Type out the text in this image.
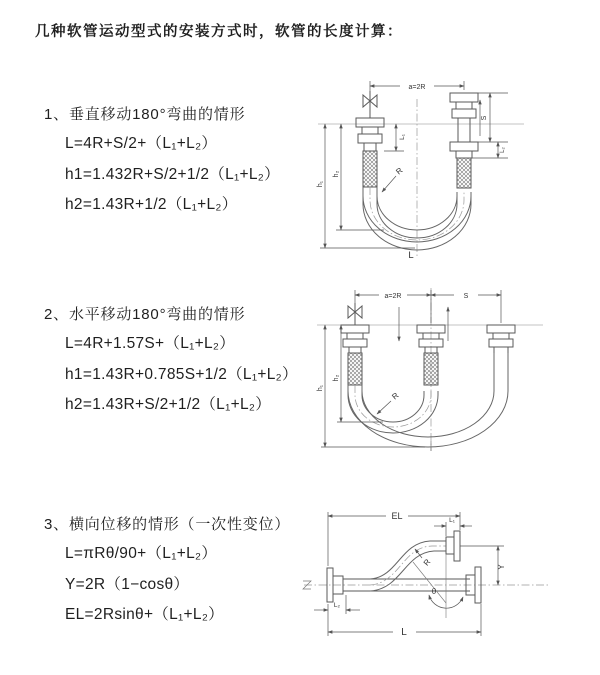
几种软管运动型式的安装方式时，软管的长度计算：
1、垂直移动180°弯曲的情形
L=4R+S/2+（L₁+L₂）
h1=1.432R+S/2+1/2（L₁+L₂）
h2=1.43R+1/2（L₁+L₂）
2、水平移动180°弯曲的情形
L=4R+1.57S+（L₁+L₂）
h1=1.43R+0.785S+1/2（L₁+L₂）
h2=1.43R+S/2+1/2（L₁+L₂）
3、横向位移的情形（一次性变位）
L=πRθ/90+（L₁+L₂）
Y=2R（1−cosθ）
EL=2Rsinθ+（L₁+L₂）
a=2R
R
L
h₁
h₂
L₁
S
L₂
a=2R	S
R
h₁
h₂
EL	L₁
Y
R
θ
L
L₂
